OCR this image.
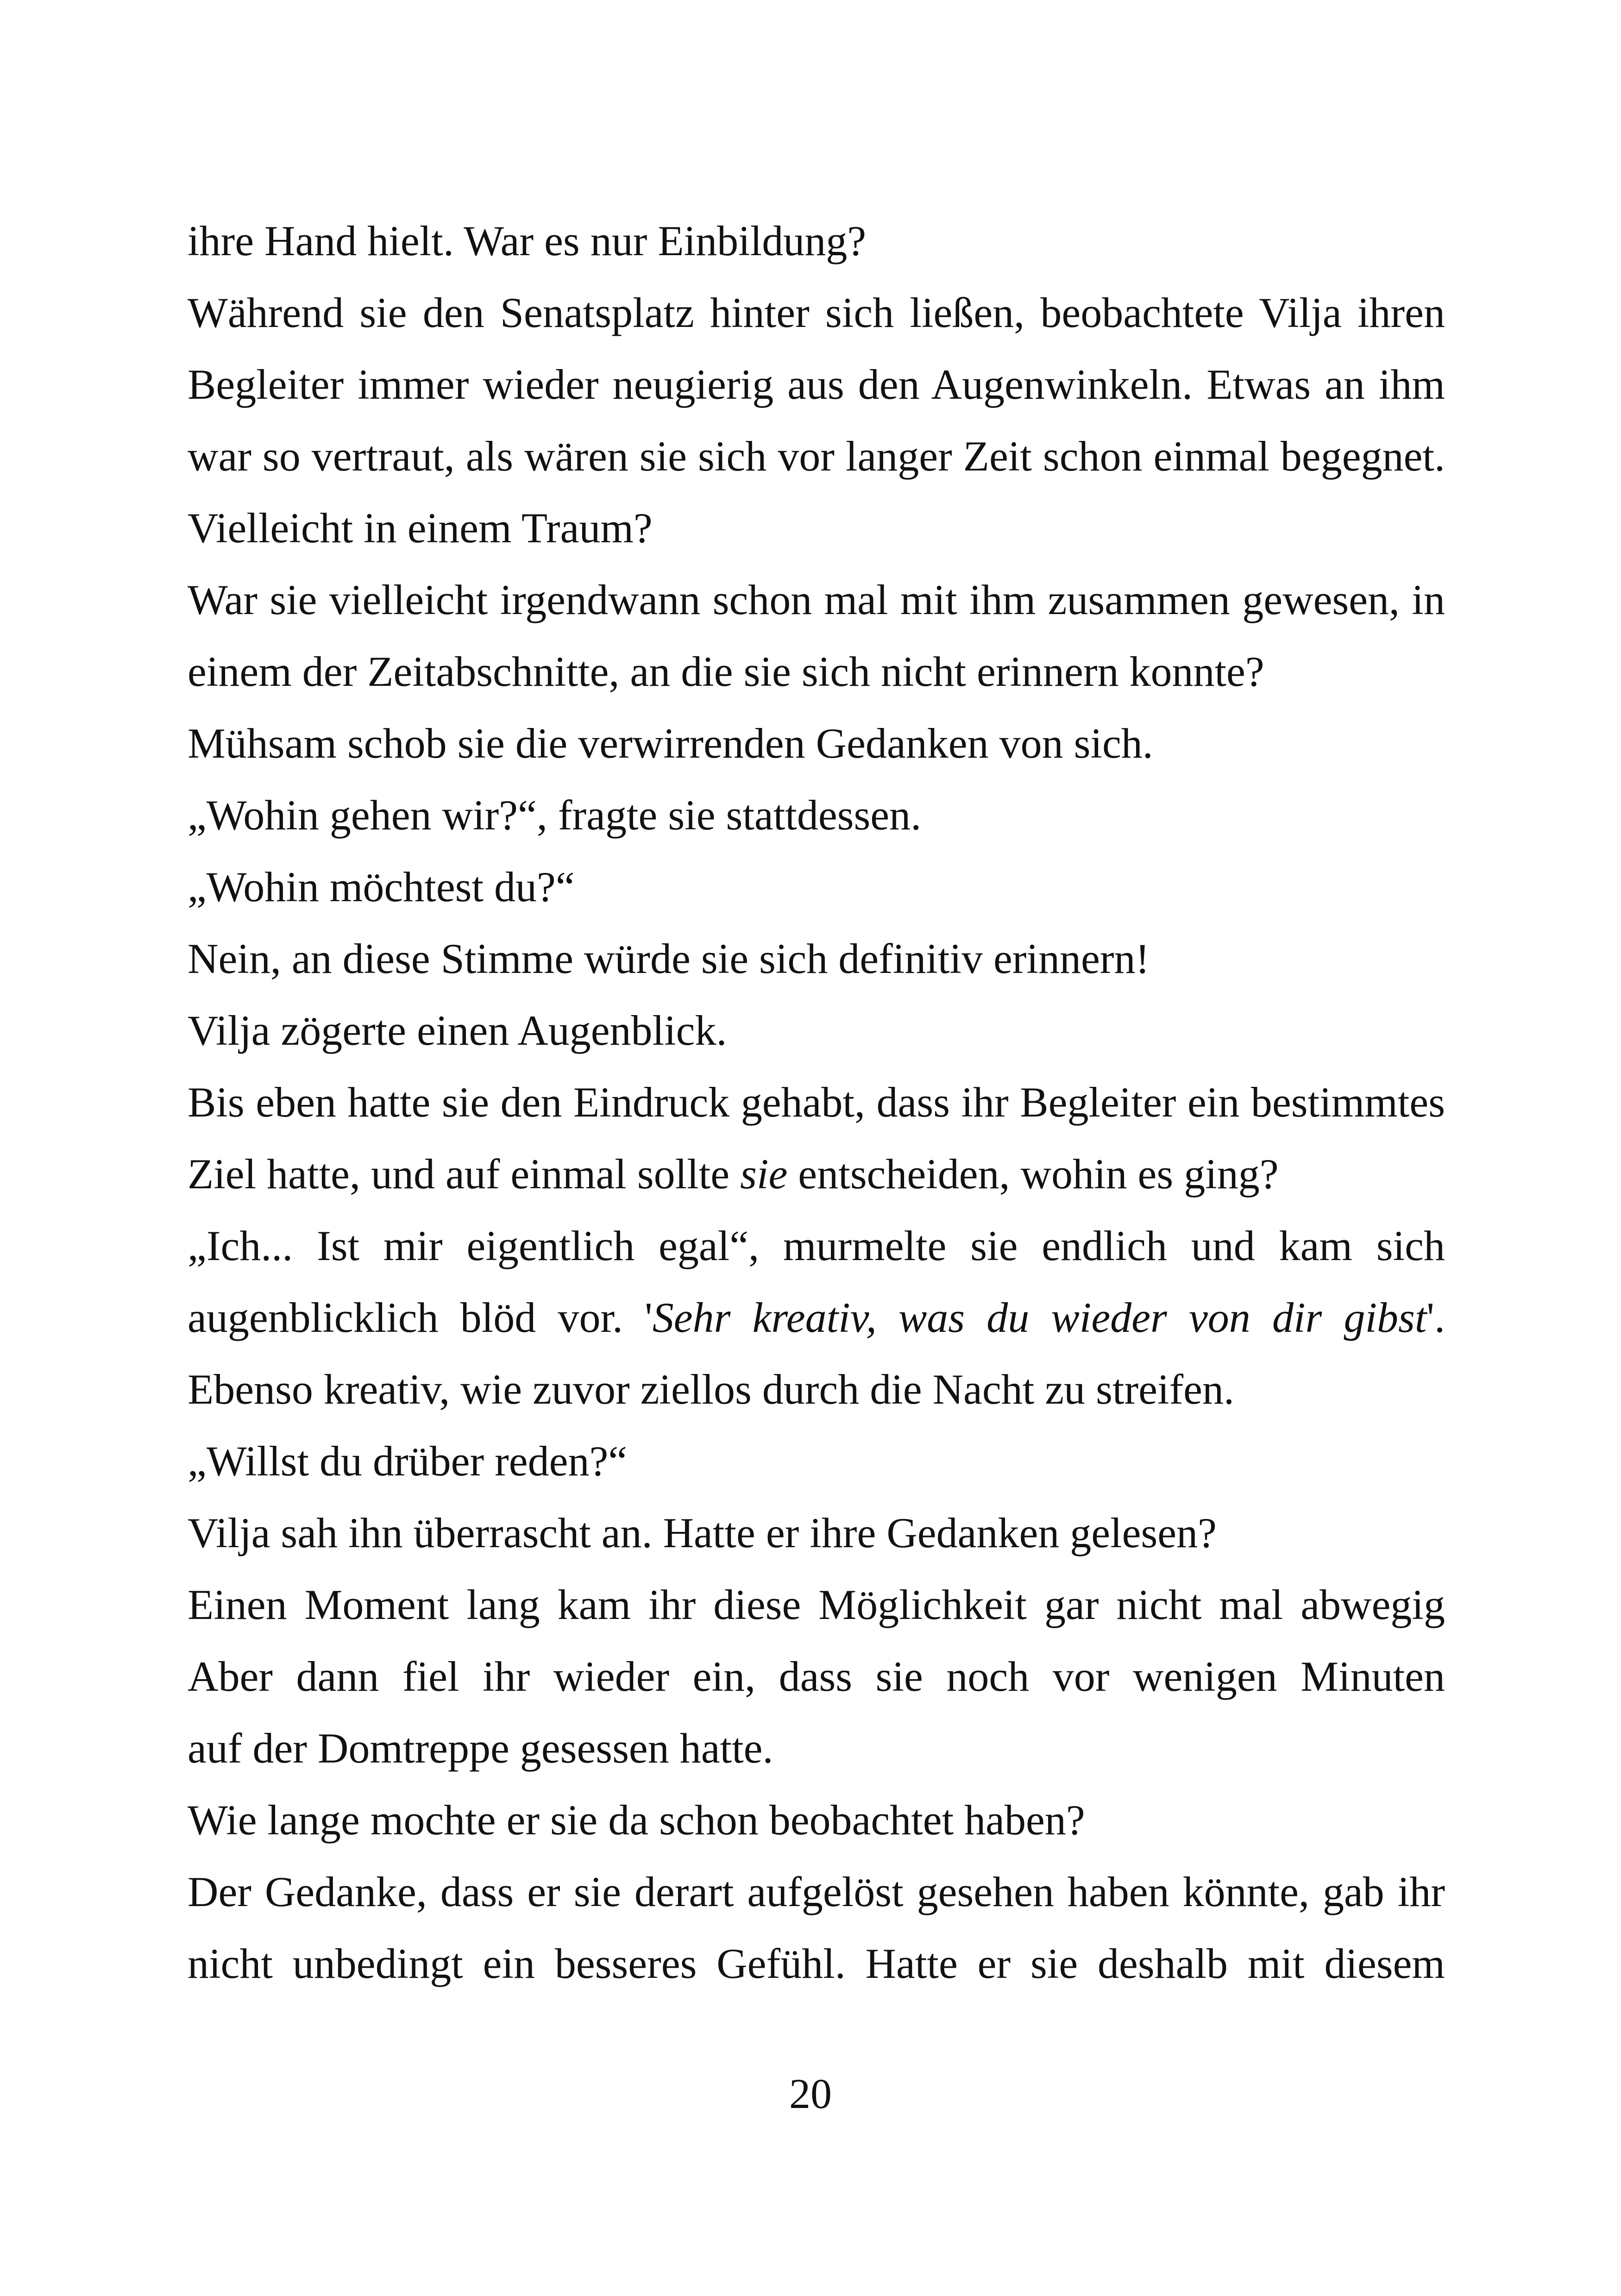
ihre Hand hielt. War es nur Einbildung?
Während sie den Senatsplatz hinter sich ließen, beobachtete Vilja ihren
Begleiter immer wieder neugierig aus den Augenwinkeln. Etwas an ihm
war so vertraut, als wären sie sich vor langer Zeit schon einmal begegnet.
Vielleicht in einem Traum?
War sie vielleicht irgendwann schon mal mit ihm zusammen gewesen, in
einem der Zeitabschnitte, an die sie sich nicht erinnern konnte?
Mühsam schob sie die verwirrenden Gedanken von sich.
„Wohin gehen wir?“, fragte sie stattdessen.
„Wohin möchtest du?“
Nein, an diese Stimme würde sie sich definitiv erinnern!
Vilja zögerte einen Augenblick.
Bis eben hatte sie den Eindruck gehabt, dass ihr Begleiter ein bestimmtes
Ziel hatte, und auf einmal sollte sie entscheiden, wohin es ging?
„Ich... Ist mir eigentlich egal“, murmelte sie endlich und kam sich
augenblicklich blöd vor. 'Sehr kreativ, was du wieder von dir gibst'.
Ebenso kreativ, wie zuvor ziellos durch die Nacht zu streifen.
„Willst du drüber reden?“
Vilja sah ihn überrascht an. Hatte er ihre Gedanken gelesen?
Einen Moment lang kam ihr diese Möglichkeit gar nicht mal abwegig
Aber dann fiel ihr wieder ein, dass sie noch vor wenigen Minuten
auf der Domtreppe gesessen hatte.
Wie lange mochte er sie da schon beobachtet haben?
Der Gedanke, dass er sie derart aufgelöst gesehen haben könnte, gab ihr
nicht unbedingt ein besseres Gefühl. Hatte er sie deshalb mit diesem
20
